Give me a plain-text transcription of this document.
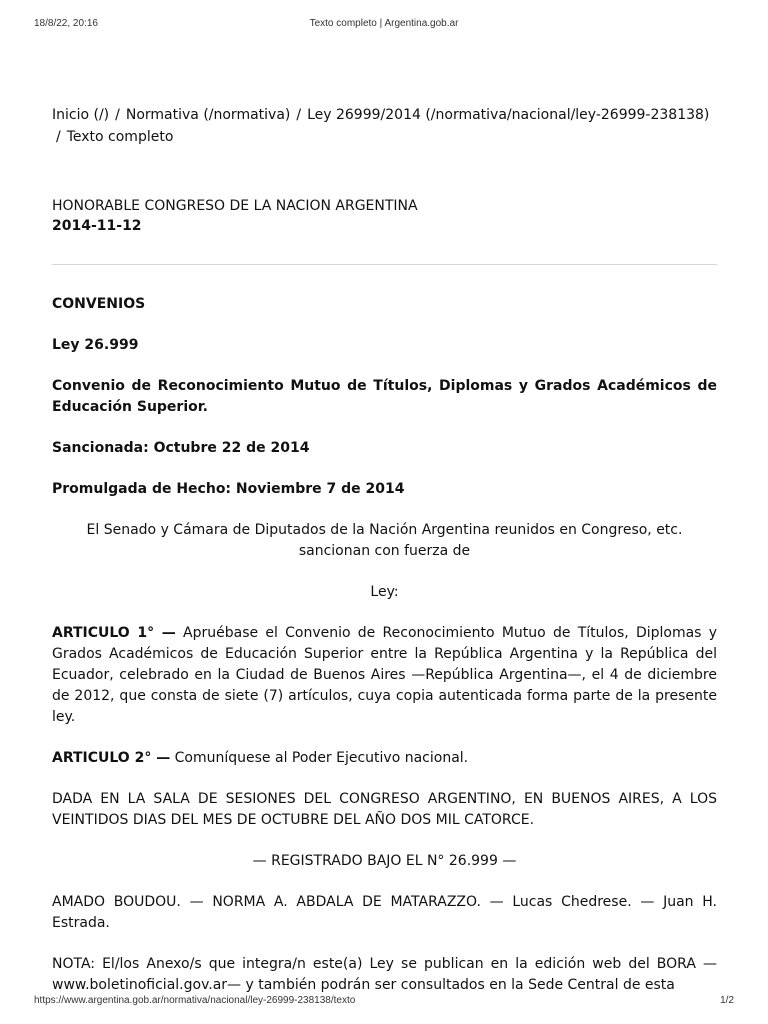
18/8/22, 20:16	Texto completo | Argentina.gob.ar
Inicio (/) / Normativa (/normativa) / Ley 26999/2014 (/normativa/nacional/ley-26999-238138)
/ Texto completo
HONORABLE CONGRESO DE LA NACION ARGENTINA
2014-11-12

CONVENIOS

Ley 26.999

Convenio de Reconocimiento Mutuo de Títulos, Diplomas y Grados Académicos de Educación Superior.

Sancionada: Octubre 22 de 2014

Promulgada de Hecho: Noviembre 7 de 2014

El Senado y Cámara de Diputados de la Nación Argentina reunidos en Congreso, etc. sancionan con fuerza de

Ley:

ARTICULO 1° — Apruébase el Convenio de Reconocimiento Mutuo de Títulos, Diplomas y Grados Académicos de Educación Superior entre la República Argentina y la República del Ecuador, celebrado en la Ciudad de Buenos Aires —República Argentina—, el 4 de diciembre de 2012, que consta de siete (7) artículos, cuya copia autenticada forma parte de la presente ley.

ARTICULO 2° — Comuníquese al Poder Ejecutivo nacional.

DADA EN LA SALA DE SESIONES DEL CONGRESO ARGENTINO, EN BUENOS AIRES, A LOS VEINTIDOS DIAS DEL MES DE OCTUBRE DEL AÑO DOS MIL CATORCE.

— REGISTRADO BAJO EL N° 26.999 —

AMADO BOUDOU. — NORMA A. ABDALA DE MATARAZZO. — Lucas Chedrese. — Juan H. Estrada.

NOTA: El/los Anexo/s que integra/n este(a) Ley se publican en la edición web del BORA —www.boletinoficial.gov.ar— y también podrán ser consultados en la Sede Central de esta

https://www.argentina.gob.ar/normativa/nacional/ley-26999-238138/texto	1/2
